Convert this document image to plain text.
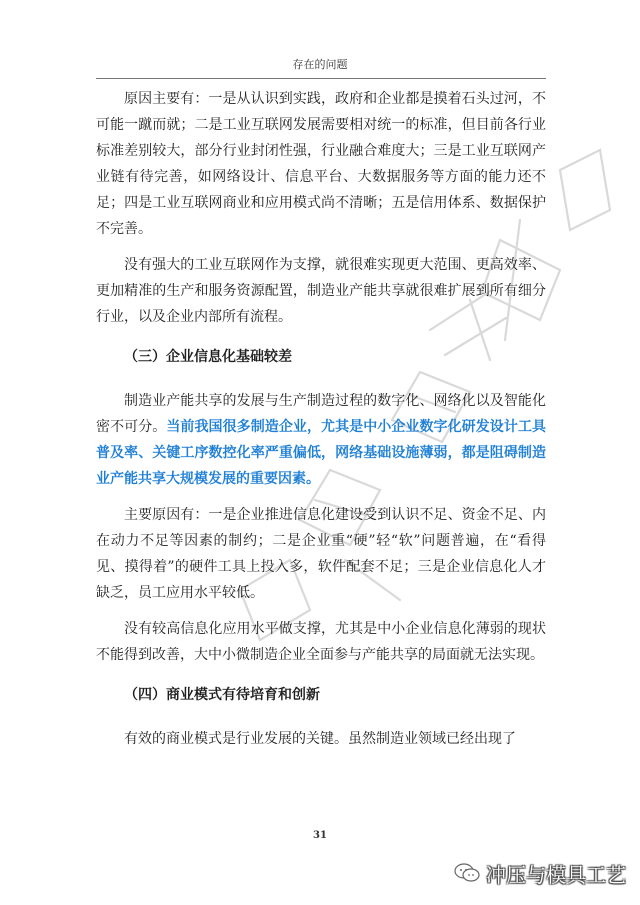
存在的问题

原因主要有：一是从认识到实践，政府和企业都是摸着石头过河，不可能一蹴而就；二是工业互联网发展需要相对统一的标准，但目前各行业标准差别较大，部分行业封闭性强，行业融合难度大；三是工业互联网产业链有待完善，如网络设计、信息平台、大数据服务等方面的能力还不足；四是工业互联网商业和应用模式尚不清晰；五是信用体系、数据保护不完善。

没有强大的工业互联网作为支撑，就很难实现更大范围、更高效率、更加精准的生产和服务资源配置，制造业产能共享就很难扩展到所有细分行业，以及企业内部所有流程。

（三）企业信息化基础较差

制造业产能共享的发展与生产制造过程的数字化、网络化以及智能化密不可分。当前我国很多制造企业，尤其是中小企业数字化研发设计工具普及率、关键工序数控化率严重偏低，网络基础设施薄弱，都是阻碍制造业产能共享大规模发展的重要因素。

主要原因有：一是企业推进信息化建设受到认识不足、资金不足、内在动力不足等因素的制约；二是企业重“硬”轻“软”问题普遍，在“看得见、摸得着”的硬件工具上投入多，软件配套不足；三是企业信息化人才缺乏，员工应用水平较低。

没有较高信息化应用水平做支撑，尤其是中小企业信息化薄弱的现状不能得到改善，大中小微制造企业全面参与产能共享的局面就无法实现。

（四）商业模式有待培育和创新

有效的商业模式是行业发展的关键。虽然制造业领域已经出现了

31
冲压与模具工艺
